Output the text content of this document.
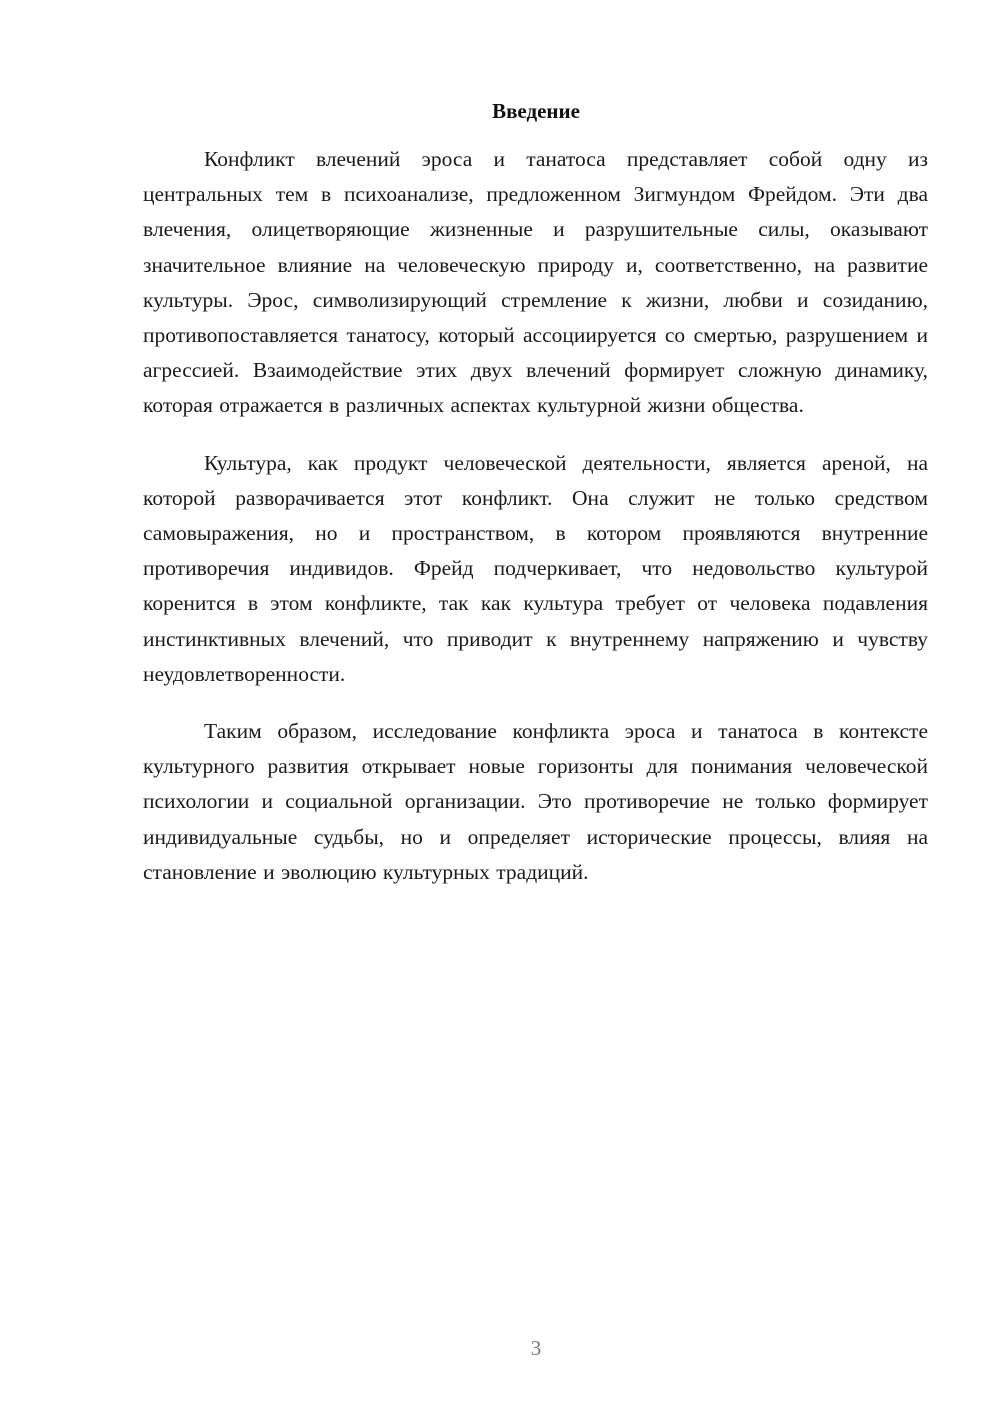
Введение

Конфликт влечений эроса и танатоса представляет собой одну из центральных тем в психоанализе, предложенном Зигмундом Фрейдом. Эти два влечения, олицетворяющие жизненные и разрушительные силы, оказывают значительное влияние на человеческую природу и, соответственно, на развитие культуры. Эрос, символизирующий стремление к жизни, любви и созиданию, противопоставляется танатосу, который ассоциируется со смертью, разрушением и агрессией. Взаимодействие этих двух влечений формирует сложную динамику, которая отражается в различных аспектах культурной жизни общества.

Культура, как продукт человеческой деятельности, является ареной, на которой разворачивается этот конфликт. Она служит не только средством самовыражения, но и пространством, в котором проявляются внутренние противоречия индивидов. Фрейд подчеркивает, что недовольство культурой коренится в этом конфликте, так как культура требует от человека подавления инстинктивных влечений, что приводит к внутреннему напряжению и чувству неудовлетворенности.

Таким образом, исследование конфликта эроса и танатоса в контексте культурного развития открывает новые горизонты для понимания человеческой психологии и социальной организации. Это противоречие не только формирует индивидуальные судьбы, но и определяет исторические процессы, влияя на становление и эволюцию культурных традиций.

3
